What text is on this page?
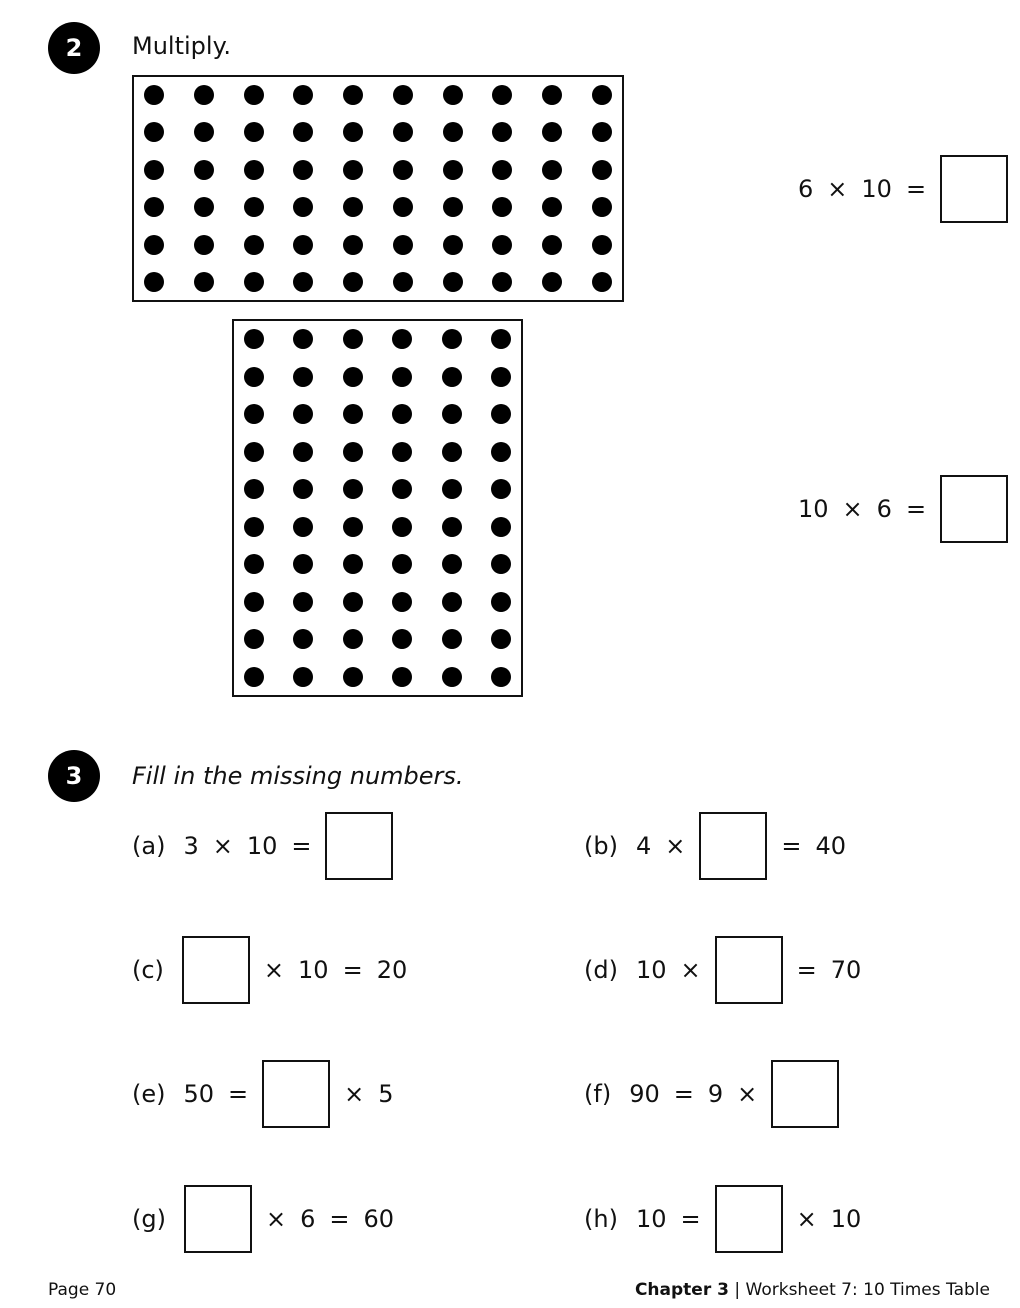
2	Multiply.
6 × 10 =
10 × 6 =
3	Fill in the missing numbers.
(a) 3 × 10 =	(b) 4 ×	= 40
(c)	× 10 = 20	(d) 10 ×	= 70
(e) 50 =	× 5	(f) 90 = 9 ×
(g)	× 6 = 60	(h) 10 =	× 10
Page 70	Chapter 3 | Worksheet 7: 10 Times Table
